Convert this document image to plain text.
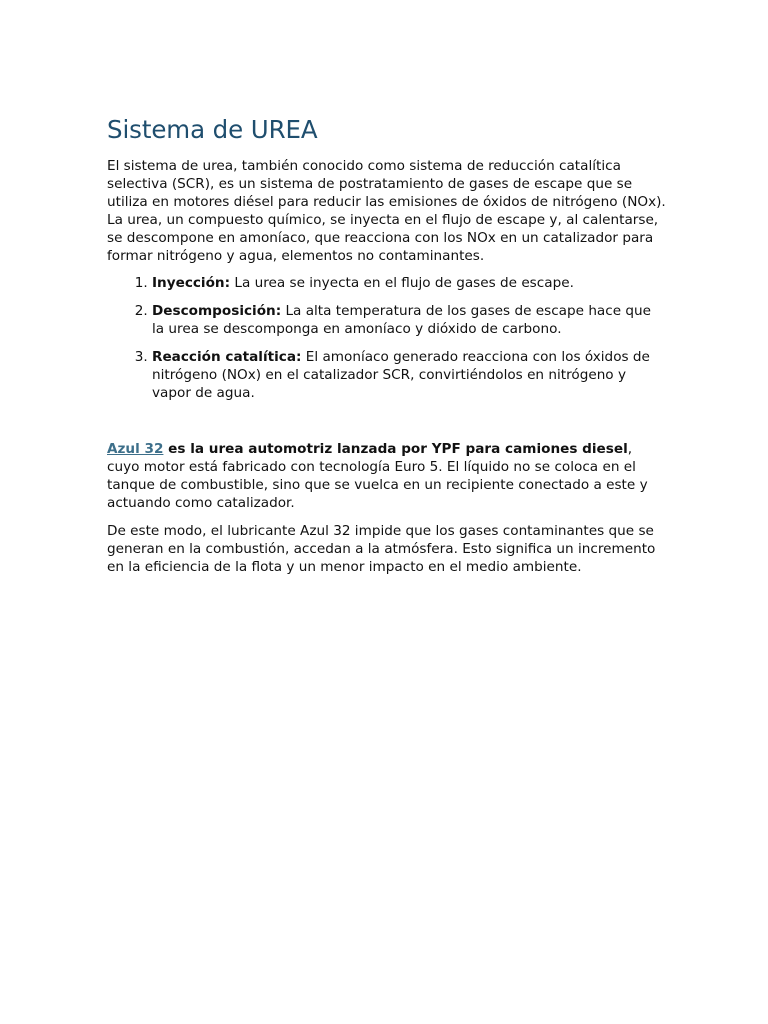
Sistema de UREA

El sistema de urea, también conocido como sistema de reducción catalítica selectiva (SCR), es un sistema de postratamiento de gases de escape que se utiliza en motores diésel para reducir las emisiones de óxidos de nitrógeno (NOx). La urea, un compuesto químico, se inyecta en el flujo de escape y, al calentarse, se descompone en amoníaco, que reacciona con los NOx en un catalizador para formar nitrógeno y agua, elementos no contaminantes.

1. Inyección: La urea se inyecta en el flujo de gases de escape.
2. Descomposición: La alta temperatura de los gases de escape hace que la urea se descomponga en amoníaco y dióxido de carbono.
3. Reacción catalítica: El amoníaco generado reacciona con los óxidos de nitrógeno (NOx) en el catalizador SCR, convirtiéndolos en nitrógeno y vapor de agua.

Azul 32 es la urea automotriz lanzada por YPF para camiones diesel, cuyo motor está fabricado con tecnología Euro 5. El líquido no se coloca en el tanque de combustible, sino que se vuelca en un recipiente conectado a este y actuando como catalizador.

De este modo, el lubricante Azul 32 impide que los gases contaminantes que se generan en la combustión, accedan a la atmósfera. Esto significa un incremento en la eficiencia de la flota y un menor impacto en el medio ambiente.
